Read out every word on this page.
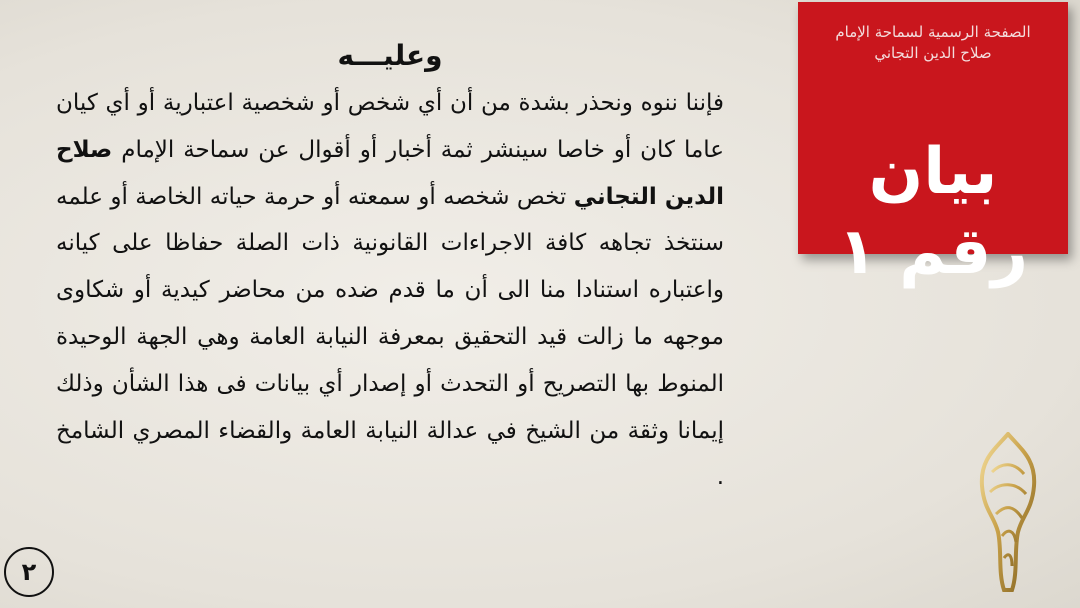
الصفحة الرسمية لسماحة الإمام
صلاح الدين التجاني
بيان رقم ١
وعليـــه

فإننا ننوه ونحذر بشدة من أن أي شخص أو شخصية اعتبارية أو أي كيان عاما كان أو خاصا سينشر ثمة أخبار أو أقوال عن سماحة الإمام صلاح الدين التجاني تخص شخصه أو سمعته أو حرمة حياته الخاصة أو علمه سنتخذ تجاهه كافة الاجراءات القانونية ذات الصلة حفاظا على كيانه واعتباره استنادا منا الى أن ما قدم ضده من محاضر كيدية أو شكاوى موجهه ما زالت قيد التحقيق بمعرفة النيابة العامة وهي الجهة الوحيدة المنوط بها التصريح أو التحدث أو إصدار أي بيانات فى هذا الشأن وذلك إيمانا وثقة من الشيخ في عدالة النيابة العامة والقضاء المصري الشامخ .

٢
